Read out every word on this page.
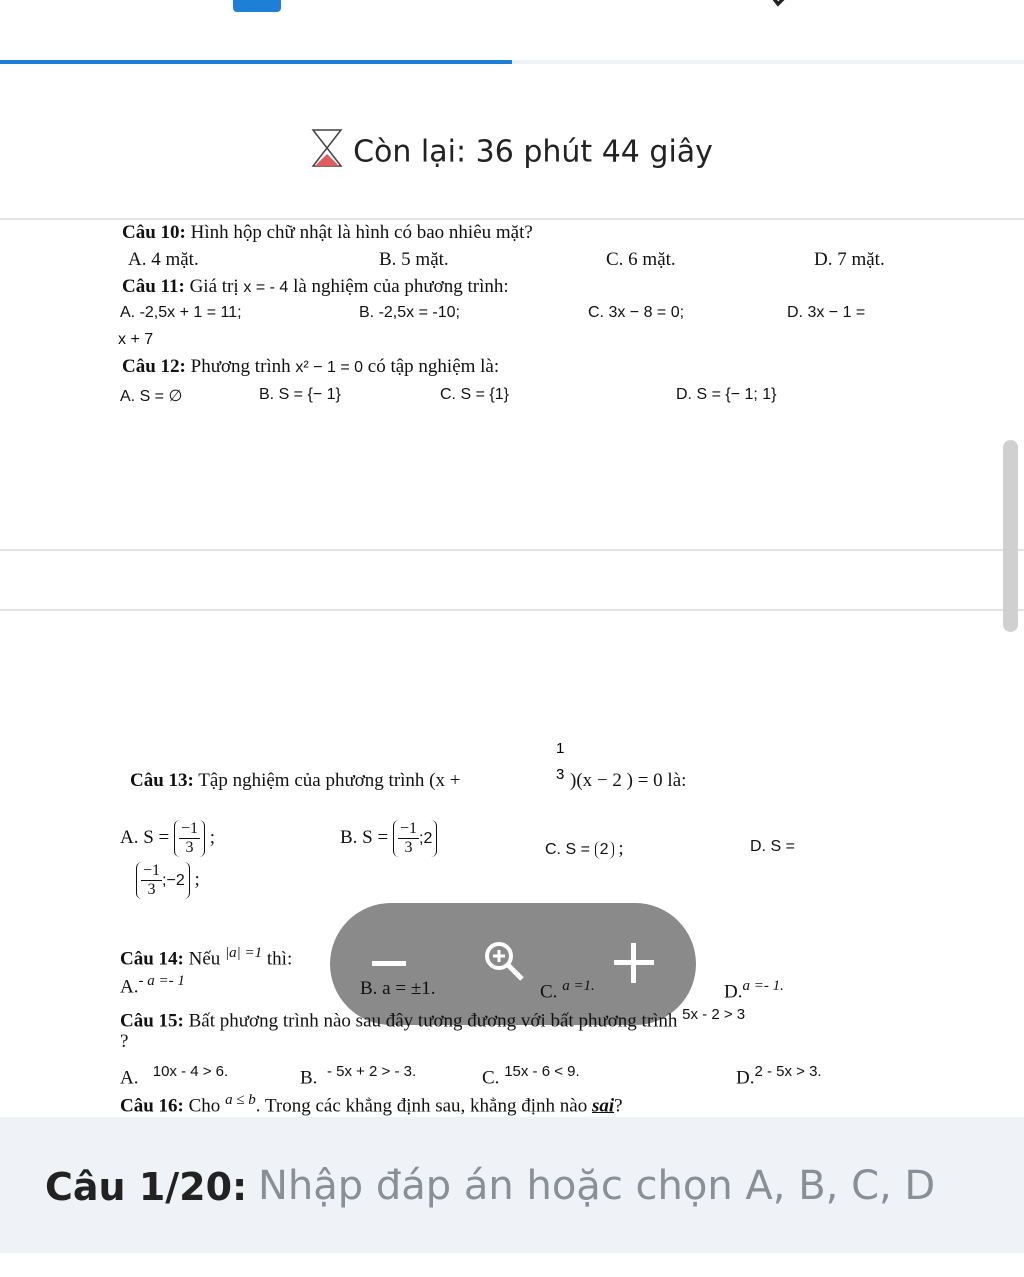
Còn lại: 36 phút 44 giây
Câu 10: Hình hộp chữ nhật là hình có bao nhiêu mặt?
A. 4 mặt.	B. 5 mặt.	C. 6 mặt.	D. 7 mặt.
Câu 11: Giá trị x = - 4 là nghiệm của phương trình:
A. -2,5x + 1 = 11;	B. -2,5x = -10;	C. 3x − 8 = 0;	D. 3x − 1 =
x + 7
Câu 12: Phương trình x² − 1 = 0 có tập nghiệm là:
A. S = ∅	B. S = {− 1}	C. S = {1}	D. S = {− 1; 1}
Câu 13: Tập nghiệm của phương trình (x +
1
3 )(x − 2 ) = 0 là:
A. $S = \frac{-1}{3}$ ;	B. $S = \frac{-1}{3}$ ;2
C. S = 2 ;	D. S =
$\frac{-1}{3}$ ;−2 ;
Câu 14: Nếu $^{|a| =1}$ thì:
A.$^{- a =- 1}$	B. a = ±1.	C. $^{a =1.}$	D.$^{a =- 1.}$
Câu 15: Bất phương trình nào sau đây tương đương với bất phương trình $^{5x - 2 > 3}$
?
A. $^{10x - 4 > 6.}$	B. $^{- 5x + 2 > - 3.}$	C. $^{15x - 6 < 9.}$	D.$^{2 - 5x > 3.}$
Câu 16: Cho $^{a \le b}$. Trong các khẳng định sau, khẳng định nào sai?
Câu 1/20: Nhập đáp án hoặc chọn A, B, C, D
